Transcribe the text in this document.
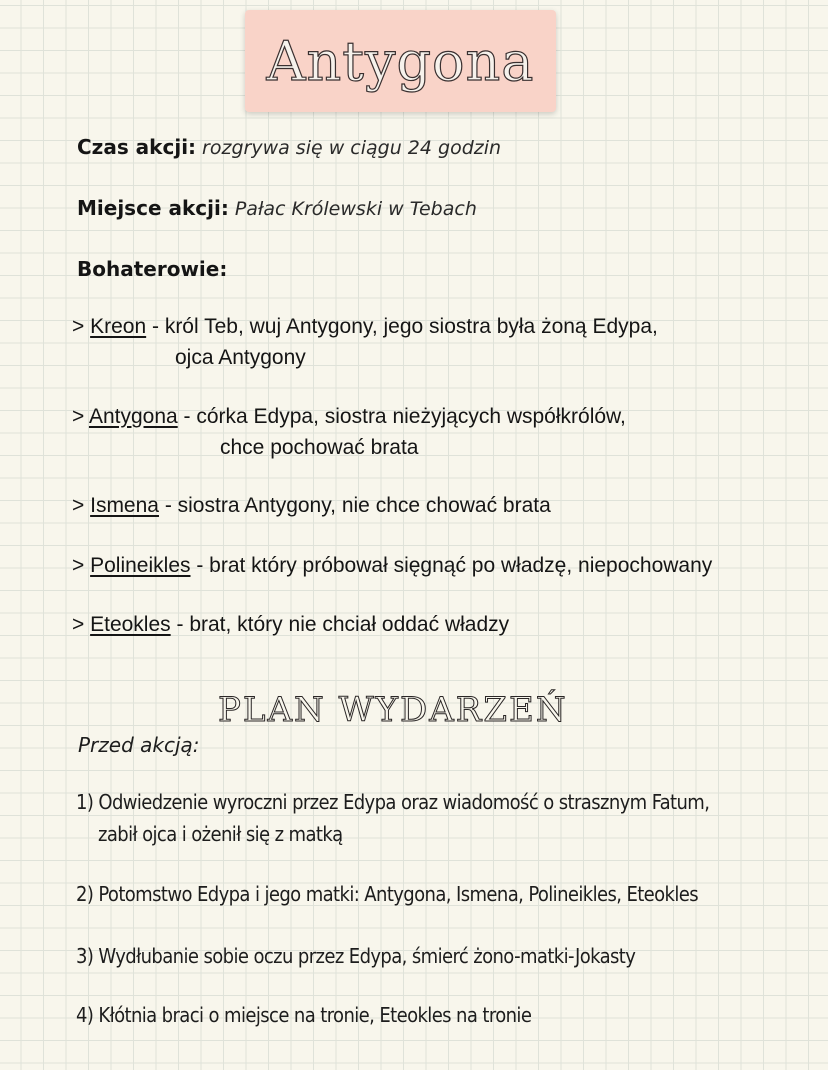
Antygona
Czas akcji: rozgrywa się w ciągu 24 godzin
Miejsce akcji: Pałac Królewski w Tebach
Bohaterowie:
> Kreon - król Teb, wuj Antygony, jego siostra była żoną Edypa,
ojca Antygony
> Antygona - córka Edypa, siostra nieżyjących współkrólów,
chce pochować brata
> Ismena - siostra Antygony, nie chce chować brata
> Polineikles - brat który próbował sięgnąć po władzę, niepochowany
> Eteokles - brat, który nie chciał oddać władzy
PLAN WYDARZEŃ
Przed akcją:
1) Odwiedzenie wyroczni przez Edypa oraz wiadomość o strasznym Fatum,
zabił ojca i ożenił się z matką
2) Potomstwo Edypa i jego matki: Antygona, Ismena, Polineikles, Eteokles
3) Wydłubanie sobie oczu przez Edypa, śmierć żono-matki-Jokasty
4) Kłótnia braci o miejsce na tronie, Eteokles na tronie
